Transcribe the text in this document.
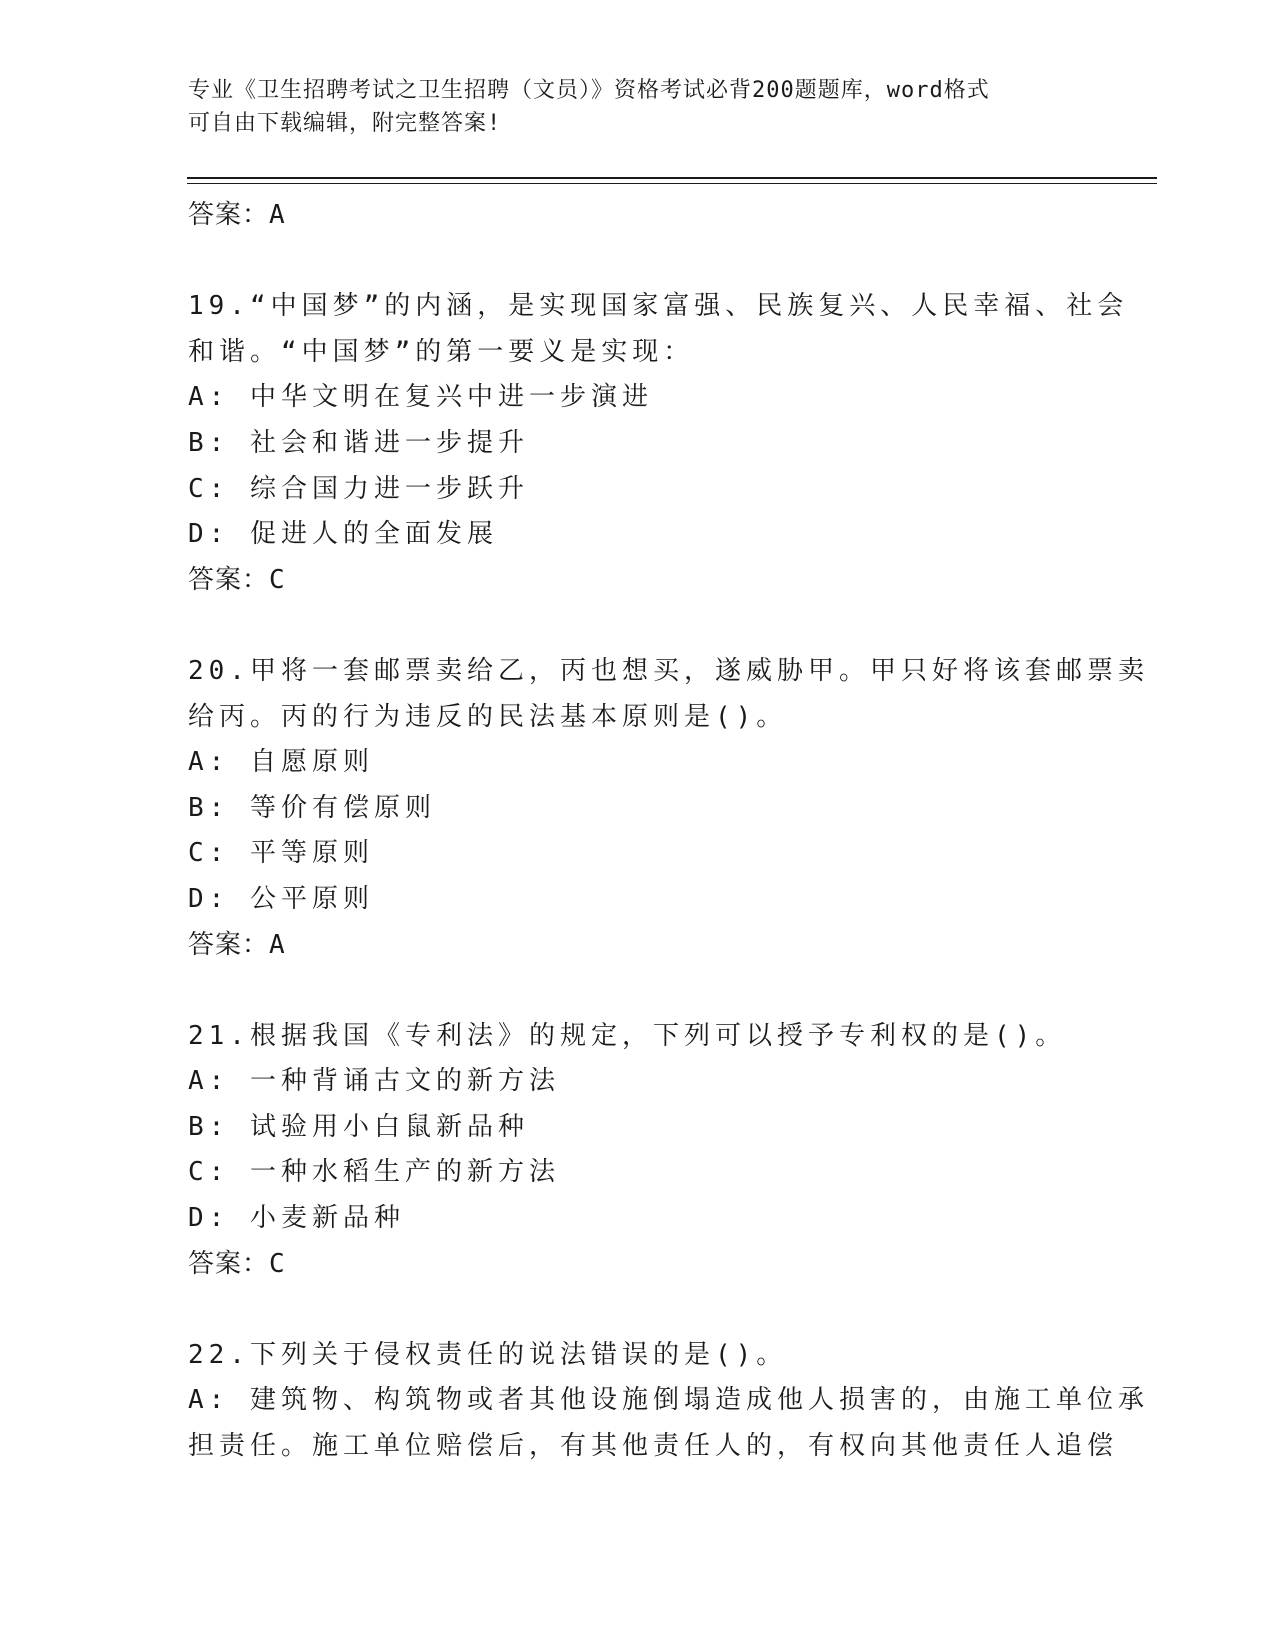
专业《卫生招聘考试之卫生招聘（文员）》资格考试必背200题题库，word格式
可自由下载编辑，附完整答案!
答案：A
19.“中国梦”的内涵，是实现国家富强、民族复兴、人民幸福、社会
和谐。“中国梦”的第一要义是实现：
A: 中华文明在复兴中进一步演进
B: 社会和谐进一步提升
C: 综合国力进一步跃升
D: 促进人的全面发展
答案：C
20.甲将一套邮票卖给乙，丙也想买，遂威胁甲。甲只好将该套邮票卖
给丙。丙的行为违反的民法基本原则是()。
A: 自愿原则
B: 等价有偿原则
C: 平等原则
D: 公平原则
答案：A
21.根据我国《专利法》的规定，下列可以授予专利权的是()。
A: 一种背诵古文的新方法
B: 试验用小白鼠新品种
C: 一种水稻生产的新方法
D: 小麦新品种
答案：C
22.下列关于侵权责任的说法错误的是()。
A: 建筑物、构筑物或者其他设施倒塌造成他人损害的，由施工单位承
担责任。施工单位赔偿后，有其他责任人的，有权向其他责任人追偿
